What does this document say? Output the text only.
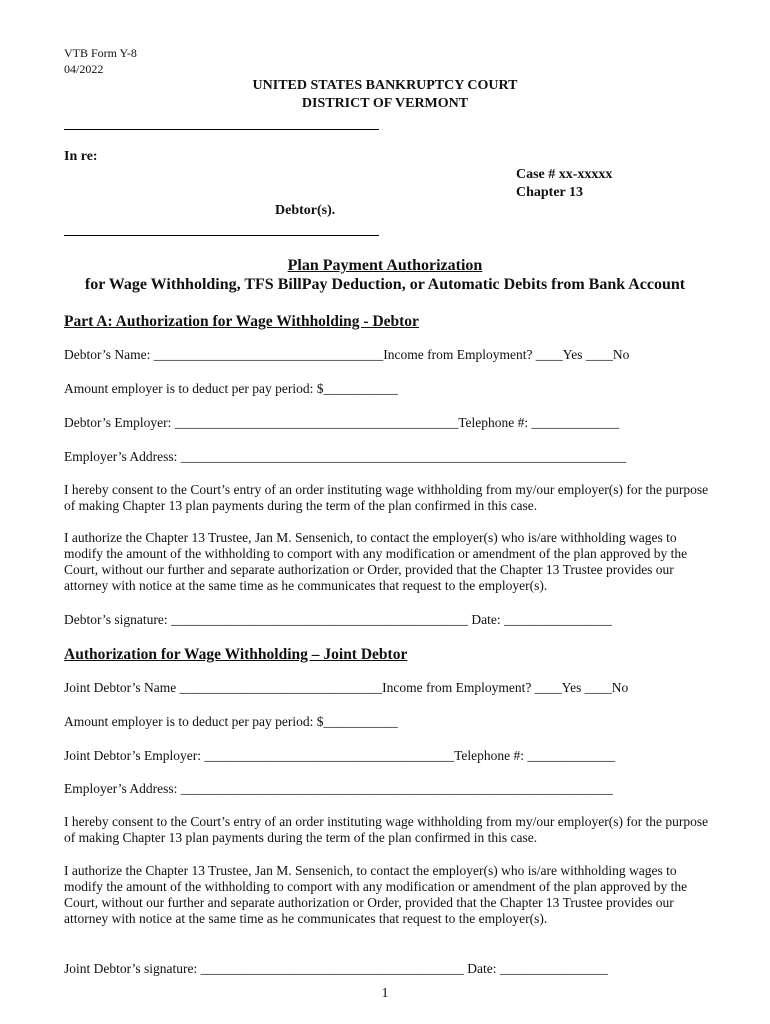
VTB Form Y-8
04/2022
UNITED STATES BANKRUPTCY COURT
DISTRICT OF VERMONT
In re:
Case # xx-xxxxx
Chapter 13
Debtor(s).
Plan Payment Authorization
for Wage Withholding, TFS BillPay Deduction, or Automatic Debits from Bank Account
Part A: Authorization for Wage Withholding - Debtor
Debtor’s Name: __________________________________Income from Employment? ____Yes ____No
Amount employer is to deduct per pay period: $___________
Debtor’s Employer: __________________________________________Telephone #: _____________
Employer’s Address: __________________________________________________________________
I hereby consent to the Court’s entry of an order instituting wage withholding from my/our employer(s) for the purpose of making Chapter 13 plan payments during the term of the plan confirmed in this case.
I authorize the Chapter 13 Trustee, Jan M. Sensenich, to contact the employer(s) who is/are withholding wages to modify the amount of the withholding to comport with any modification or amendment of the plan approved by the Court, without our further and separate authorization or Order, provided that the Chapter 13 Trustee provides our attorney with notice at the same time as he communicates that request to the employer(s).
Debtor’s signature: ____________________________________________ Date: ________________
Authorization for Wage Withholding – Joint Debtor
Joint Debtor’s Name ______________________________Income from Employment? ____Yes ____No
Amount employer is to deduct per pay period: $___________
Joint Debtor’s Employer: _____________________________________Telephone #: _____________
Employer’s Address: ________________________________________________________________
I hereby consent to the Court’s entry of an order instituting wage withholding from my/our employer(s) for the purpose of making Chapter 13 plan payments during the term of the plan confirmed in this case.
I authorize the Chapter 13 Trustee, Jan M. Sensenich, to contact the employer(s) who is/are withholding wages to modify the amount of the withholding to comport with any modification or amendment of the plan approved by the Court, without our further and separate authorization or Order, provided that the Chapter 13 Trustee provides our attorney with notice at the same time as he communicates that request to the employer(s).
Joint Debtor’s signature: _______________________________________ Date: ________________
1
